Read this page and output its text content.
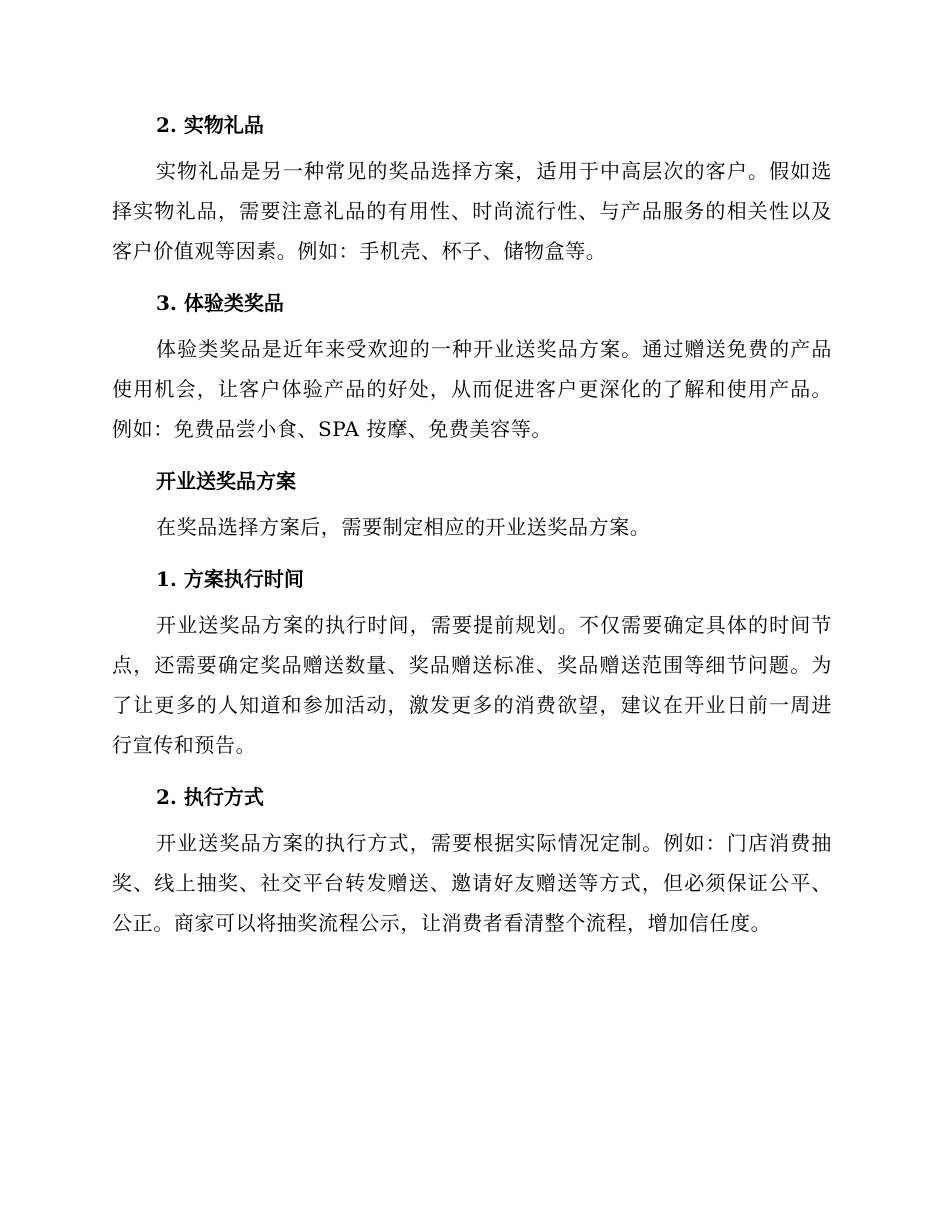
2. 实物礼品

实物礼品是另一种常见的奖品选择方案，适用于中高层次的客户。假如选择实物礼品，需要注意礼品的有用性、时尚流行性、与产品服务的相关性以及客户价值观等因素。例如：手机壳、杯子、储物盒等。

3. 体验类奖品

体验类奖品是近年来受欢迎的一种开业送奖品方案。通过赠送免费的产品使用机会，让客户体验产品的好处，从而促进客户更深化的了解和使用产品。例如：免费品尝小食、SPA 按摩、免费美容等。

开业送奖品方案

在奖品选择方案后，需要制定相应的开业送奖品方案。

1. 方案执行时间

开业送奖品方案的执行时间，需要提前规划。不仅需要确定具体的时间节点，还需要确定奖品赠送数量、奖品赠送标准、奖品赠送范围等细节问题。为了让更多的人知道和参加活动，激发更多的消费欲望，建议在开业日前一周进行宣传和预告。

2. 执行方式

开业送奖品方案的执行方式，需要根据实际情况定制。例如：门店消费抽奖、线上抽奖、社交平台转发赠送、邀请好友赠送等方式，但必须保证公平、公正。商家可以将抽奖流程公示，让消费者看清整个流程，增加信任度。
